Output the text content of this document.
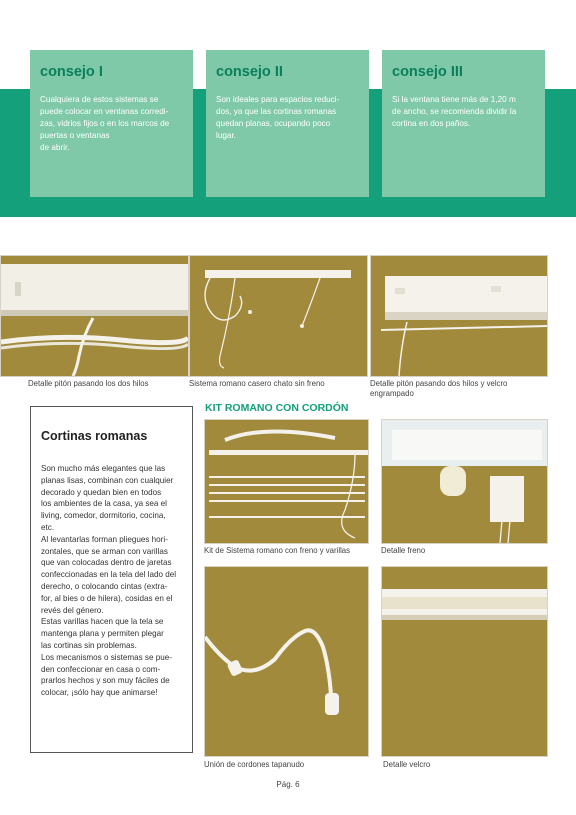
consejo I
Cualquiera de estos sistemas se
puede colocar en ventanas corredi-
zas, vidrios fijos o en los marcos de
puertas o ventanas
de abrir.
consejo II
Son ideales para espacios reduci-
dos, ya que las cortinas romanas
quedan planas, ocupando poco
lugar.
consejo III
Si la ventana tiene más de 1,20 m
de ancho, se recomienda dividir la
cortina en dos paños.
Detalle pitón pasando los dos hilos	Sistema romano casero chato sin freno	Detalle pitón pasando dos hilos y velcro engrampado
Cortinas romanas
Son mucho más elegantes que las
planas lisas, combinan con cualquier
decorado y quedan bien en todos
los ambientes de la casa, ya sea el
living, comedor, dormitorio, cocina,
etc.
Al levantarlas forman pliegues hori-
zontales, que se arman con varillas
que van colocadas dentro de jaretas
confeccionadas en la tela del lado del
derecho, o colocando cintas (extra-
for, al bies o de hilera), cosidas en el
revés del género.
Estas varillas hacen que la tela se
mantenga plana y permiten plegar
las cortinas sin problemas.
Los mecanismos o sistemas se pue-
den confeccionar en casa o com-
prarlos hechos y son muy fáciles de
colocar, ¡sólo hay que animarse!
KIT ROMANO CON CORDÓN
Kit de Sistema romano con freno y varillas	Detalle freno
Unión de cordones tapanudo	Detalle velcro
Pág. 6
